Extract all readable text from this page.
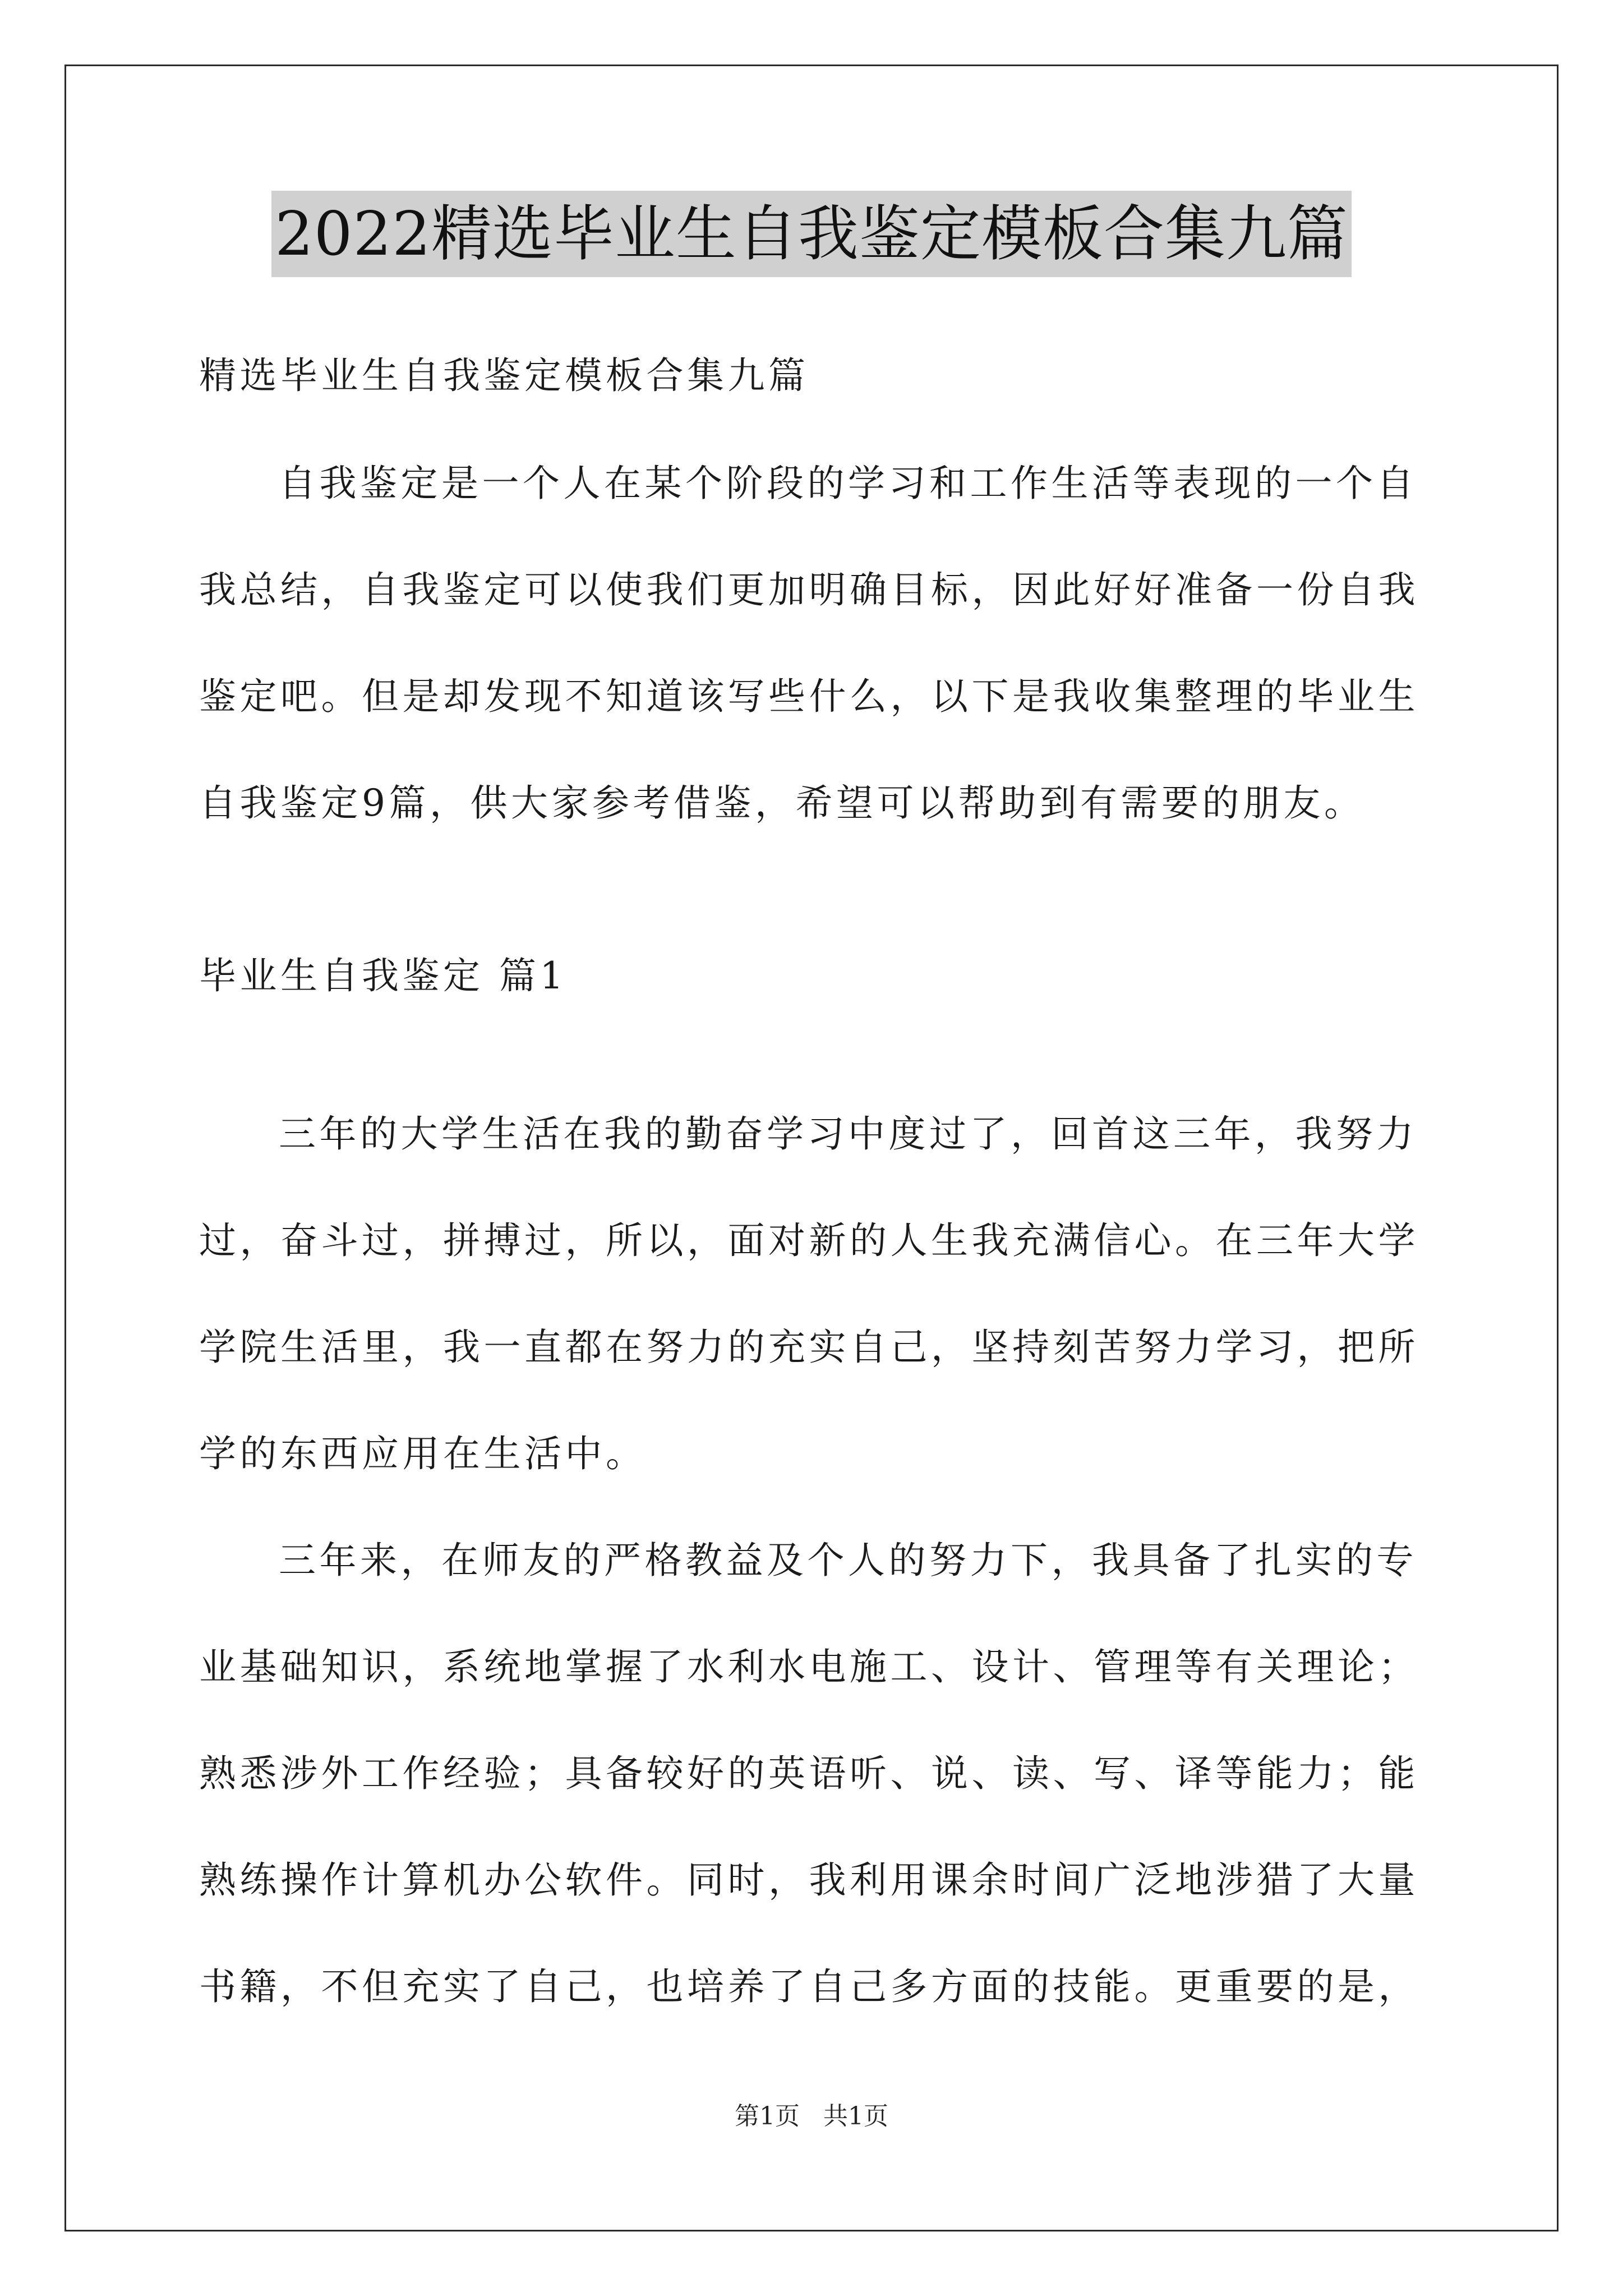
2022精选毕业生自我鉴定模板合集九篇
精选毕业生自我鉴定模板合集九篇
自我鉴定是一个人在某个阶段的学习和工作生活等表现的一个自
我总结，自我鉴定可以使我们更加明确目标，因此好好准备一份自我
鉴定吧。但是却发现不知道该写些什么，以下是我收集整理的毕业生
自我鉴定9篇，供大家参考借鉴，希望可以帮助到有需要的朋友。
毕业生自我鉴定 篇1
三年的大学生活在我的勤奋学习中度过了，回首这三年，我努力
过，奋斗过，拼搏过，所以，面对新的人生我充满信心。在三年大学
学院生活里，我一直都在努力的充实自己，坚持刻苦努力学习，把所
学的东西应用在生活中。
三年来，在师友的严格教益及个人的努力下，我具备了扎实的专
业基础知识，系统地掌握了水利水电施工、设计、管理等有关理论；
熟悉涉外工作经验；具备较好的英语听、说、读、写、译等能力；能
熟练操作计算机办公软件。同时，我利用课余时间广泛地涉猎了大量
书籍，不但充实了自己，也培养了自己多方面的技能。更重要的是，
第1页 共1页
